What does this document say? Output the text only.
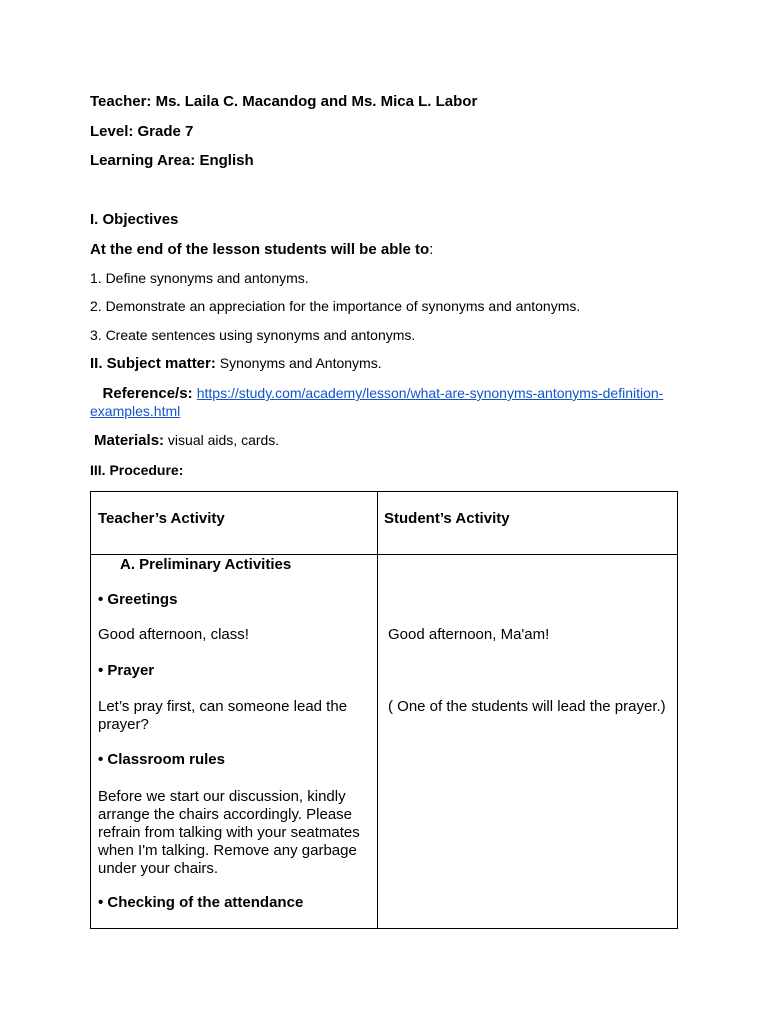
Teacher: Ms. Laila C. Macandog and Ms. Mica L. Labor
Level: Grade 7
Learning Area: English
I. Objectives
At the end of the lesson students will be able to:
1. Define synonyms and antonyms.
2. Demonstrate an appreciation for the importance of synonyms and antonyms.
3. Create sentences using synonyms and antonyms.
II. Subject matter: Synonyms and Antonyms.
Reference/s: https://study.com/academy/lesson/what-are-synonyms-antonyms-definition-
examples.html
Materials: visual aids, cards.
III. Procedure:
Teacher’s Activity	Student’s Activity
A. Preliminary Activities
• Greetings
Good afternoon, class!	Good afternoon, Ma'am!
• Prayer
Let’s pray first, can someone lead the prayer?
( One of the students will lead the prayer.)
• Classroom rules
Before we start our discussion, kindly arrange the chairs accordingly. Please refrain from talking with your seatmates when I'm talking. Remove any garbage under your chairs.
• Checking of the attendance
